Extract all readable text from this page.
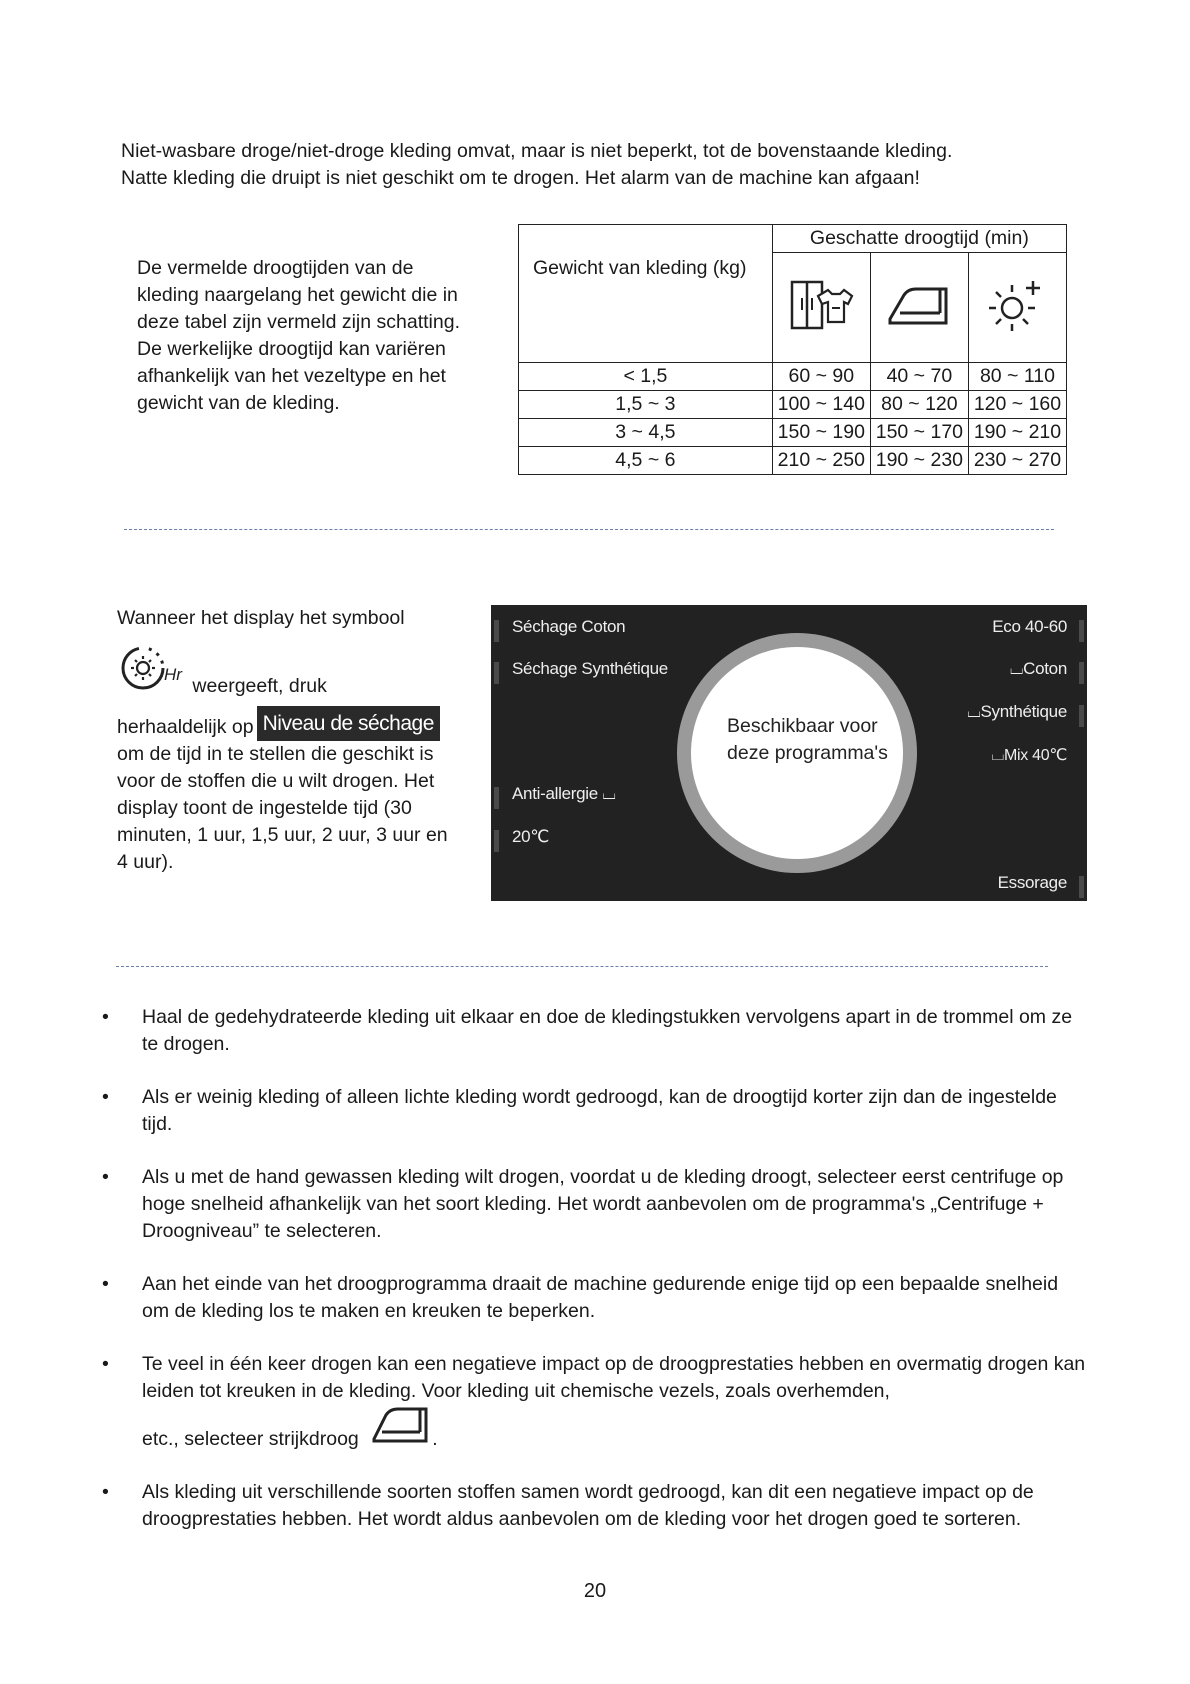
Niet-wasbare droge/niet-droge kleding omvat, maar is niet beperkt, tot de bovenstaande kleding.

Natte kleding die druipt is niet geschikt om te drogen. Het alarm van de machine kan afgaan!

De vermelde droogtijden van de kleding naargelang het gewicht die in deze tabel zijn vermeld zijn schatting. De werkelijke droogtijd kan variëren afhankelijk van het vezeltype en het gewicht van de kleding.
	Geschatte droogtijd (min)		
Gewicht van kleding (kg)			
< 1,5	60 ~ 90	40 ~ 70	80 ~ 110
1,5 ~ 3	100 ~ 140	80 ~ 120	120 ~ 160
3 ~ 4,5	150 ~ 190	150 ~ 170	190 ~ 210
4,5 ~ 6	210 ~ 250	190 ~ 230	230 ~ 270
Wanneer het display het symbool
Hr
weergeeft, druk
herhaaldelijk op Niveau de séchage
om de tijd in te stellen die geschikt is voor de stoffen die u wilt drogen. Het display toont de ingestelde tijd (30 minuten, 1 uur, 1,5 uur, 2 uur, 3 uur en 4 uur).
Beschikbaar voor deze programma's
Séchage Coton
Séchage Synthétique
Anti-allergie ⌴
20℃
Eco 40-60
⌴Coton
⌴Synthétique
⌴Mix 40℃
Essorage
• Haal de gedehydrateerde kleding uit elkaar en doe de kledingstukken vervolgens apart in de trommel om ze te drogen.
• Als er weinig kleding of alleen lichte kleding wordt gedroogd, kan de droogtijd korter zijn dan de ingestelde tijd.
• Als u met de hand gewassen kleding wilt drogen, voordat u de kleding droogt, selecteer eerst centrifuge op hoge snelheid afhankelijk van het soort kleding. Het wordt aanbevolen om de programma's „Centrifuge + Droogniveau” te selecteren.
• Aan het einde van het droogprogramma draait de machine gedurende enige tijd op een bepaalde snelheid om de kleding los te maken en kreuken te beperken.
• Te veel in één keer drogen kan een negatieve impact op de droogprestaties hebben en overmatig drogen kan leiden tot kreuken in de kleding. Voor kleding uit chemische vezels, zoals overhemden,
etc., selecteer strijkdroog	.
• Als kleding uit verschillende soorten stoffen samen wordt gedroogd, kan dit een negatieve impact op de droogprestaties hebben. Het wordt aldus aanbevolen om de kleding voor het drogen goed te sorteren.
20
